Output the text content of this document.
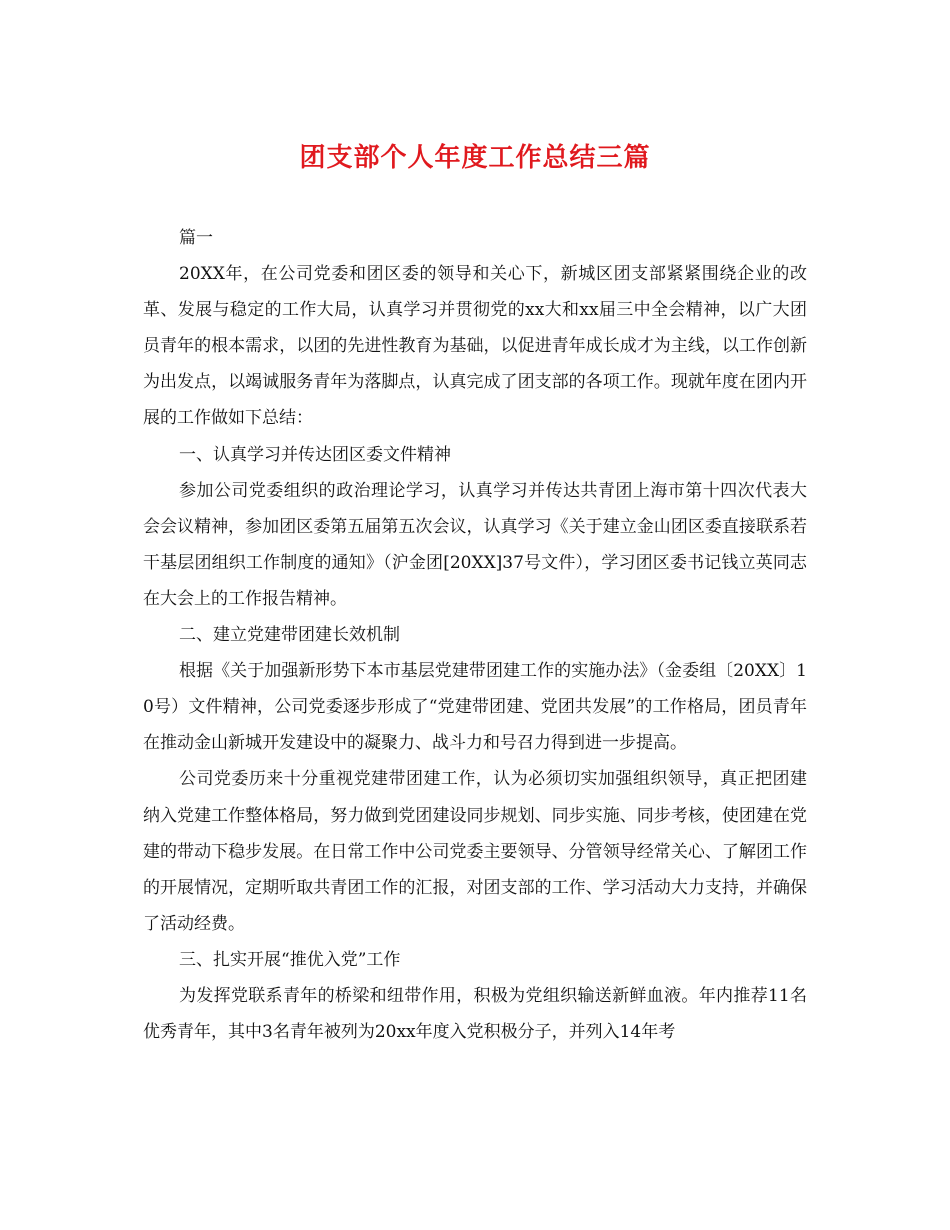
团支部个人年度工作总结三篇

篇一

20XX年，在公司党委和团区委的领导和关心下，新城区团支部紧紧围绕企业的改革、发展与稳定的工作大局，认真学习并贯彻党的xx大和xx届三中全会精神，以广大团员青年的根本需求，以团的先进性教育为基础，以促进青年成长成才为主线，以工作创新为出发点，以竭诚服务青年为落脚点，认真完成了团支部的各项工作。现就年度在团内开展的工作做如下总结：

一、认真学习并传达团区委文件精神

参加公司党委组织的政治理论学习，认真学习并传达共青团上海市第十四次代表大会会议精神，参加团区委第五届第五次会议，认真学习《关于建立金山团区委直接联系若干基层团组织工作制度的通知》（沪金团[20XX]37号文件），学习团区委书记钱立英同志在大会上的工作报告精神。

二、建立党建带团建长效机制

根据《关于加强新形势下本市基层党建带团建工作的实施办法》（金委组〔20XX〕10号）文件精神，公司党委逐步形成了“党建带团建、党团共发展”的工作格局，团员青年在推动金山新城开发建设中的凝聚力、战斗力和号召力得到进一步提高。

公司党委历来十分重视党建带团建工作，认为必须切实加强组织领导，真正把团建纳入党建工作整体格局，努力做到党团建设同步规划、同步实施、同步考核，使团建在党建的带动下稳步发展。在日常工作中公司党委主要领导、分管领导经常关心、了解团工作的开展情况，定期听取共青团工作的汇报，对团支部的工作、学习活动大力支持，并确保了活动经费。

三、扎实开展“推优入党”工作

为发挥党联系青年的桥梁和纽带作用，积极为党组织输送新鲜血液。年内推荐11名优秀青年，其中3名青年被列为20xx年度入党积极分子，并列入14年考
